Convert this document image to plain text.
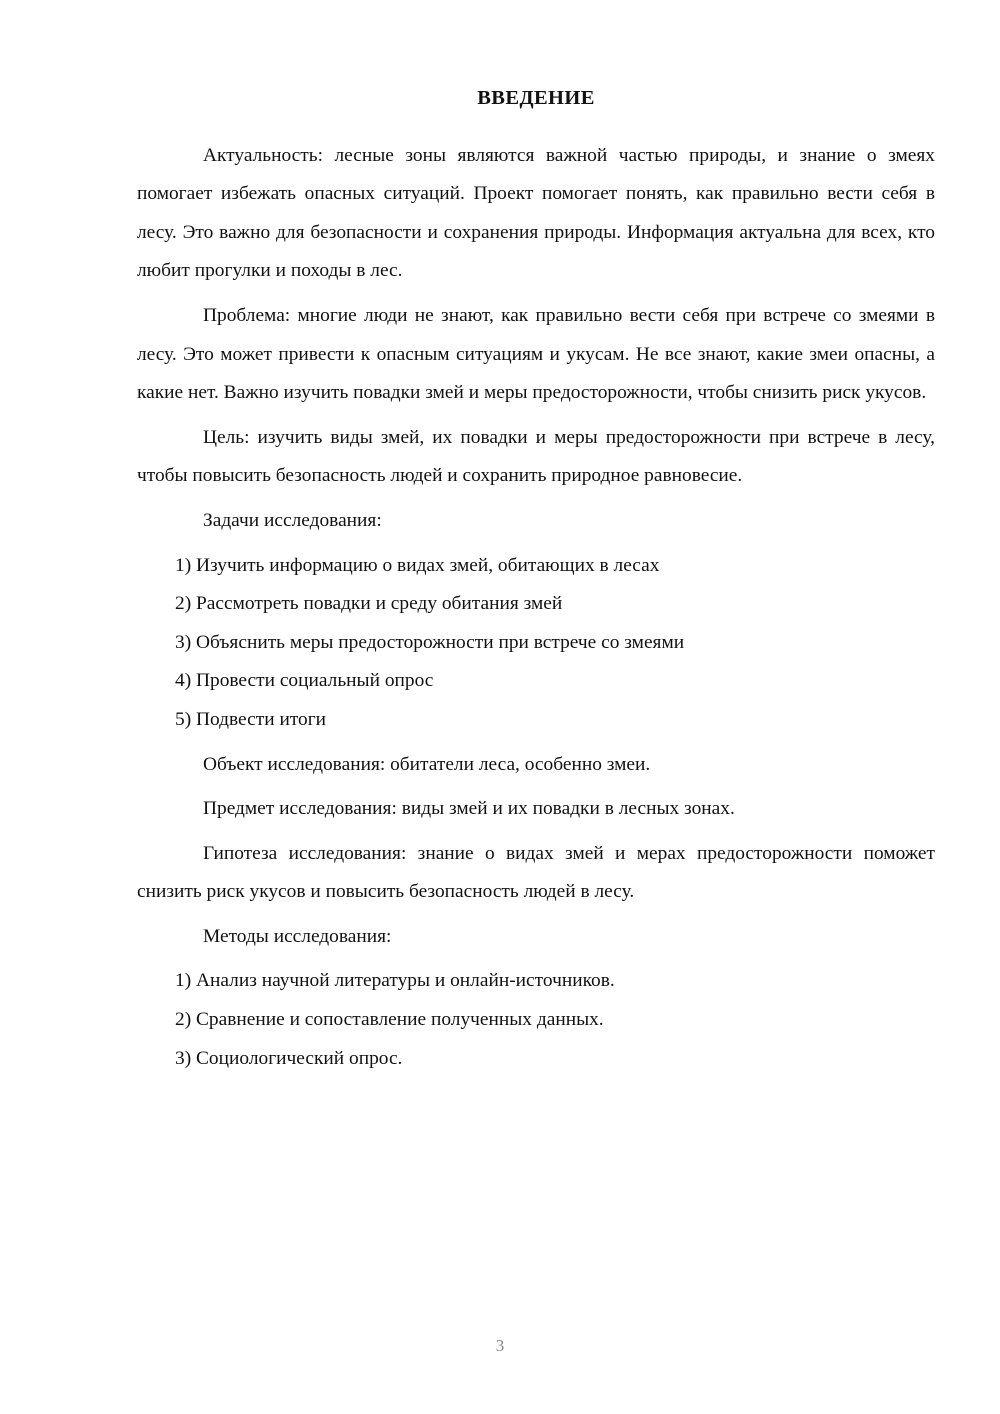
ВВЕДЕНИЕ

Актуальность: лесные зоны являются важной частью природы, и знание о змеях помогает избежать опасных ситуаций. Проект помогает понять, как правильно вести себя в лесу. Это важно для безопасности и сохранения природы. Информация актуальна для всех, кто любит прогулки и походы в лес.

Проблема: многие люди не знают, как правильно вести себя при встрече со змеями в лесу. Это может привести к опасным ситуациям и укусам. Не все знают, какие змеи опасны, а какие нет. Важно изучить повадки змей и меры предосторожности, чтобы снизить риск укусов.

Цель: изучить виды змей, их повадки и меры предосторожности при встрече в лесу, чтобы повысить безопасность людей и сохранить природное равновесие.

Задачи исследования:

1) Изучить информацию о видах змей, обитающих в лесах
2) Рассмотреть повадки и среду обитания змей
3) Объяснить меры предосторожности при встрече со змеями
4) Провести социальный опрос
5) Подвести итоги

Объект исследования: обитатели леса, особенно змеи.

Предмет исследования: виды змей и их повадки в лесных зонах.

Гипотеза исследования: знание о видах змей и мерах предосторожности поможет снизить риск укусов и повысить безопасность людей в лесу.

Методы исследования:

1) Анализ научной литературы и онлайн-источников.
2) Сравнение и сопоставление полученных данных.
3) Социологический опрос.
3
